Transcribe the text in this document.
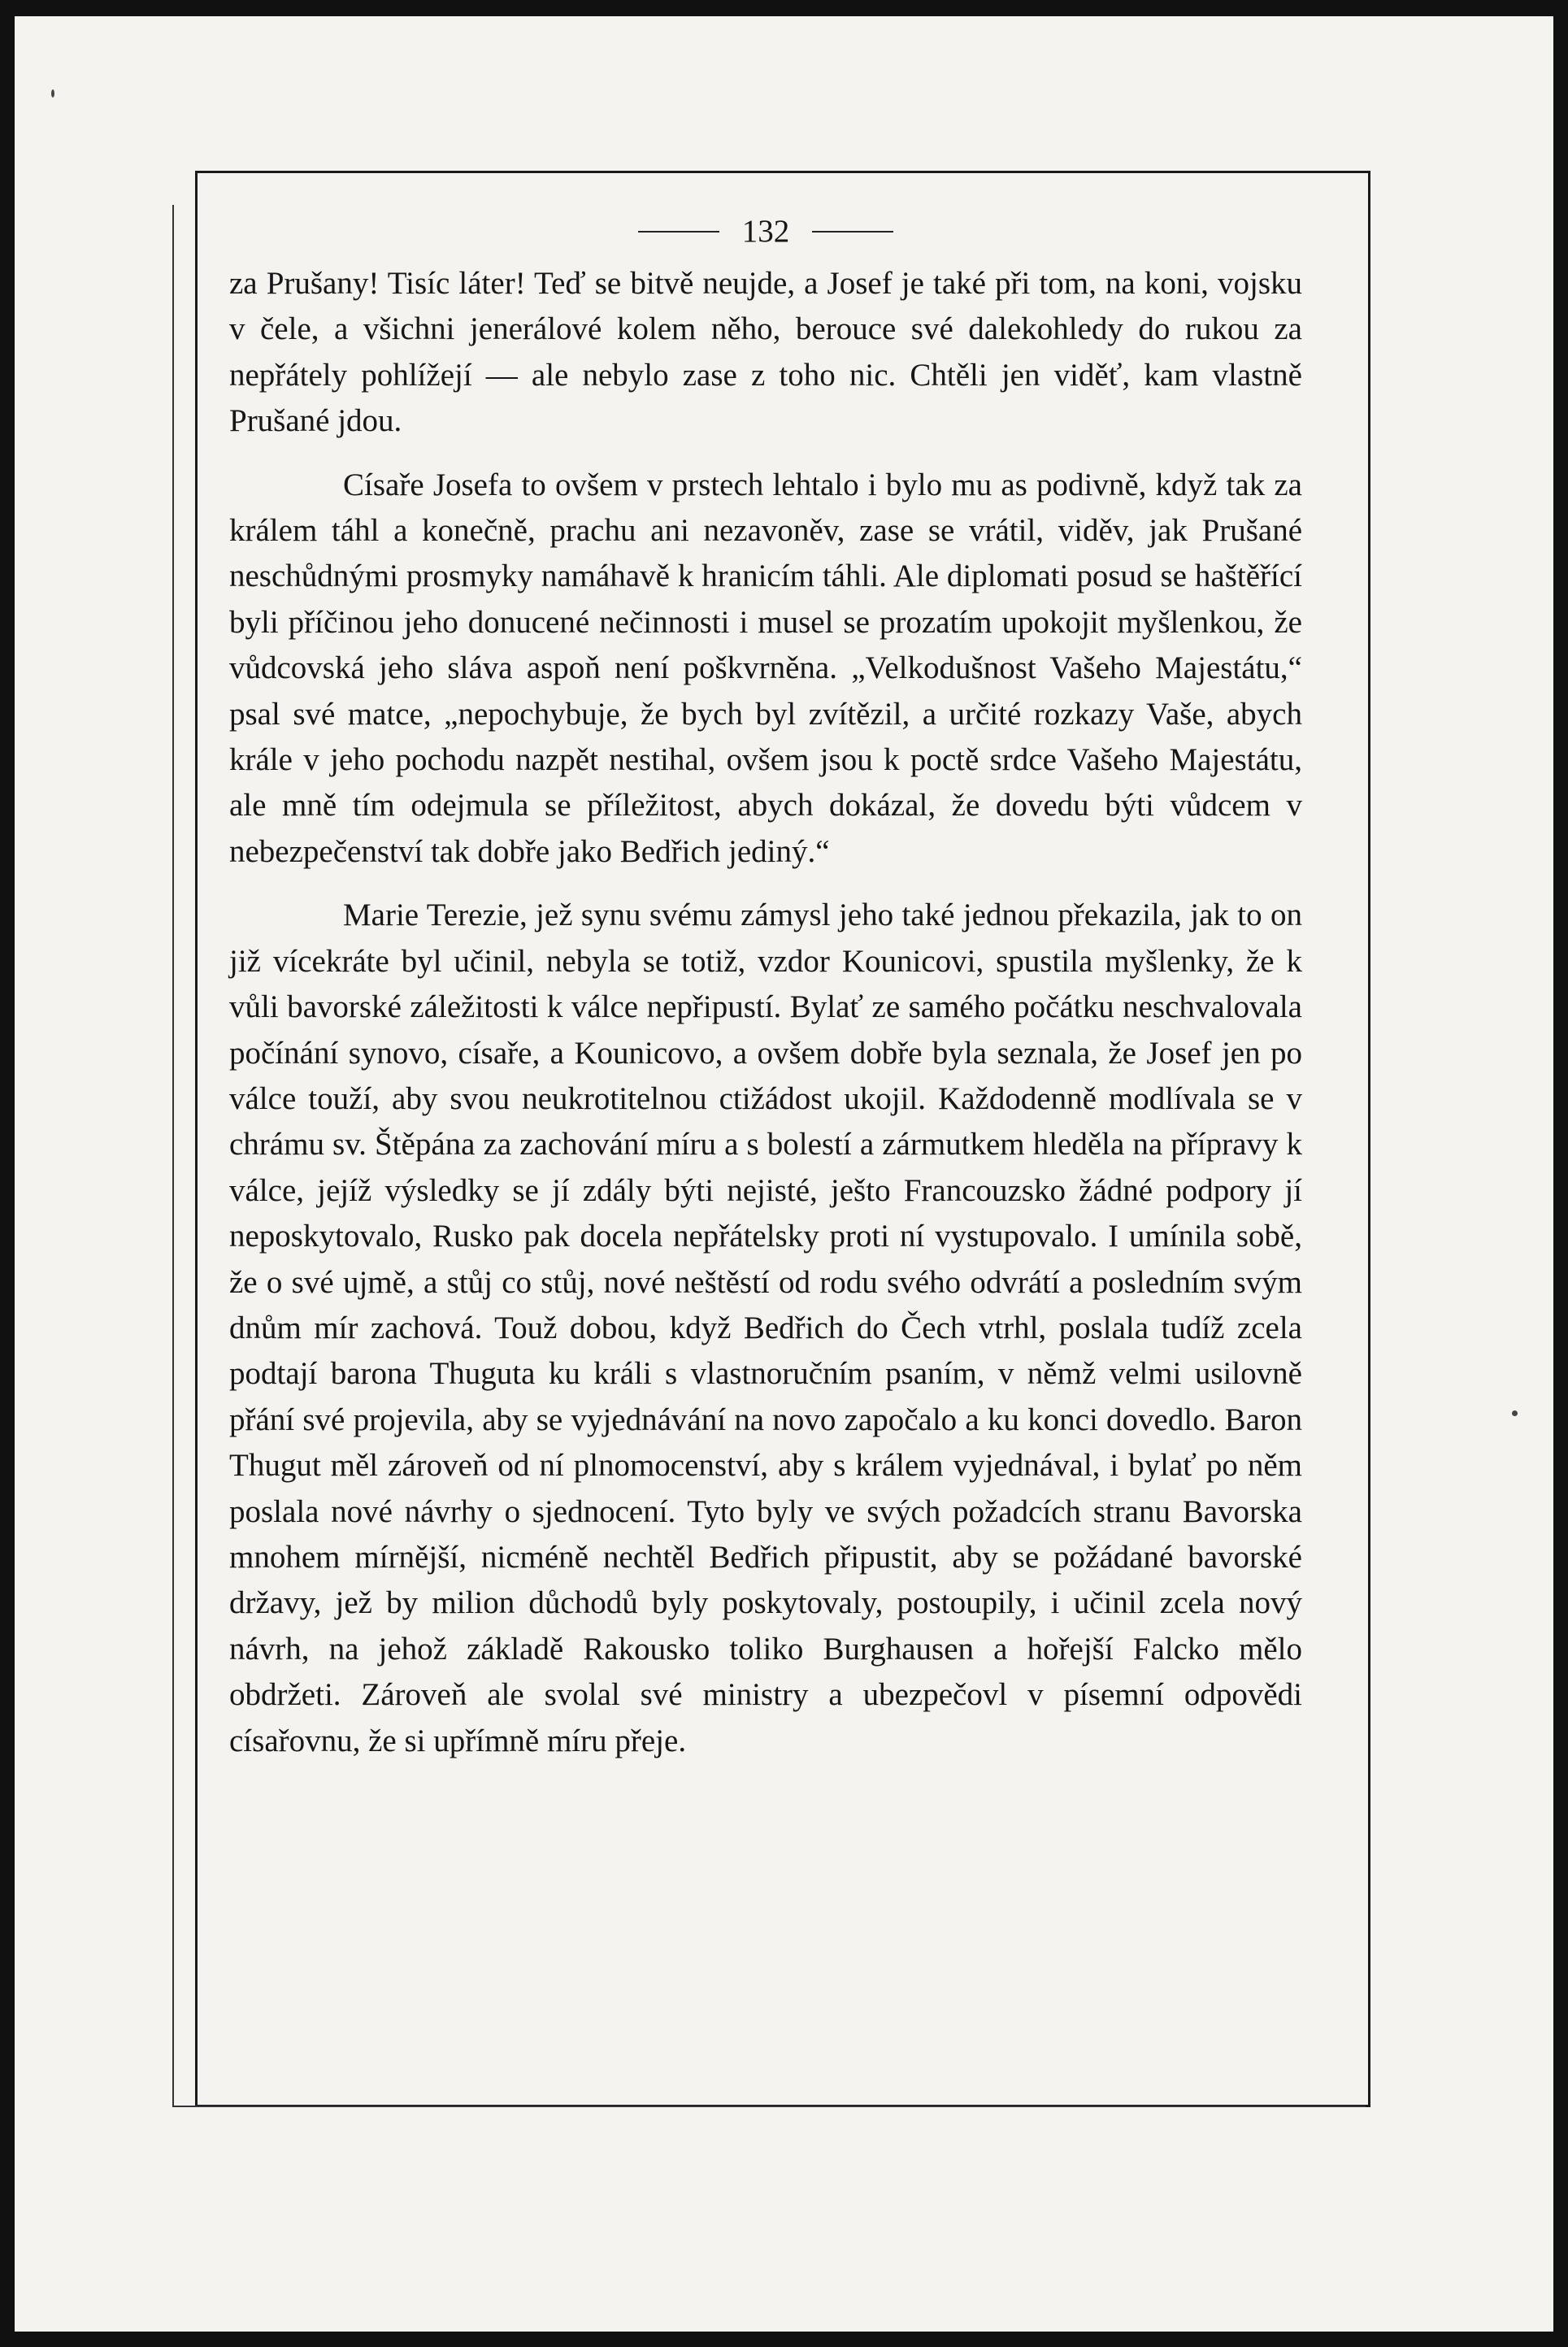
132

za Prušany! Tisíc láter! Teď se bitvě neujde, a Josef je také při tom, na koni, vojsku v čele, a všichni jenerálové kolem něho, berouce své dalekohledy do rukou za nepřátely pohlížejí — ale nebylo zase z toho nic. Chtěli jen viděť, kam vlastně Prušané jdou.

Císaře Josefa to ovšem v prstech lehtalo i bylo mu as podivně, když tak za králem táhl a konečně, prachu ani nezavoněv, zase se vrátil, viděv, jak Prušané neschůdnými prosmyky namáhavě k hranicím táhli. Ale diplomati posud se haštěřící byli příčinou jeho donucené nečinnosti i musel se prozatím upokojit myšlenkou, že vůdcovská jeho sláva aspoň není poškvrněna. „Velkodušnost Vašeho Majestátu,“ psal své matce, „nepochybuje, že bych byl zvítězil, a určité rozkazy Vaše, abych krále v jeho pochodu nazpět nestihal, ovšem jsou k poctě srdce Vašeho Majestátu, ale mně tím odejmula se příležitost, abych dokázal, že dovedu býti vůdcem v nebezpečenství tak dobře jako Bedřich jediný.“

Marie Terezie, jež synu svému zámysl jeho také jednou překazila, jak to on již vícekráte byl učinil, nebyla se totiž, vzdor Kounicovi, spustila myšlenky, že k vůli bavorské záležitosti k válce nepřipustí. Bylať ze samého počátku neschvalovala počínání synovo, císaře, a Kounicovo, a ovšem dobře byla seznala, že Josef jen po válce touží, aby svou neukrotitelnou ctižádost ukojil. Každodenně modlívala se v chrámu sv. Štěpána za zachování míru a s bolestí a zármutkem hleděla na přípravy k válce, jejíž výsledky se jí zdály býti nejisté, ješto Francouzsko žádné podpory jí neposkytovalo, Rusko pak docela nepřátelsky proti ní vystupovalo. I umínila sobě, že o své ujmě, a stůj co stůj, nové neštěstí od rodu svého odvrátí a posledním svým dnům mír zachová. Touž dobou, když Bedřich do Čech vtrhl, poslala tudíž zcela podtají barona Thuguta ku králi s vlastnoručním psaním, v němž velmi usilovně přání své projevila, aby se vyjednávání na novo započalo a ku konci dovedlo. Baron Thugut měl zároveň od ní plnomocenství, aby s králem vyjednával, i bylať po něm poslala nové návrhy o sjednocení. Tyto byly ve svých požadcích stranu Bavorska mnohem mírnější, nicméně nechtěl Bedřich připustit, aby se požádané bavorské državy, jež by milion důchodů byly poskytovaly, postoupily, i učinil zcela nový návrh, na jehož základě Rakousko toliko Burghausen a hořejší Falcko mělo obdržeti. Zároveň ale svolal své ministry a ubezpečovl v písemní odpovědi císařovnu, že si upřímně míru přeje.
